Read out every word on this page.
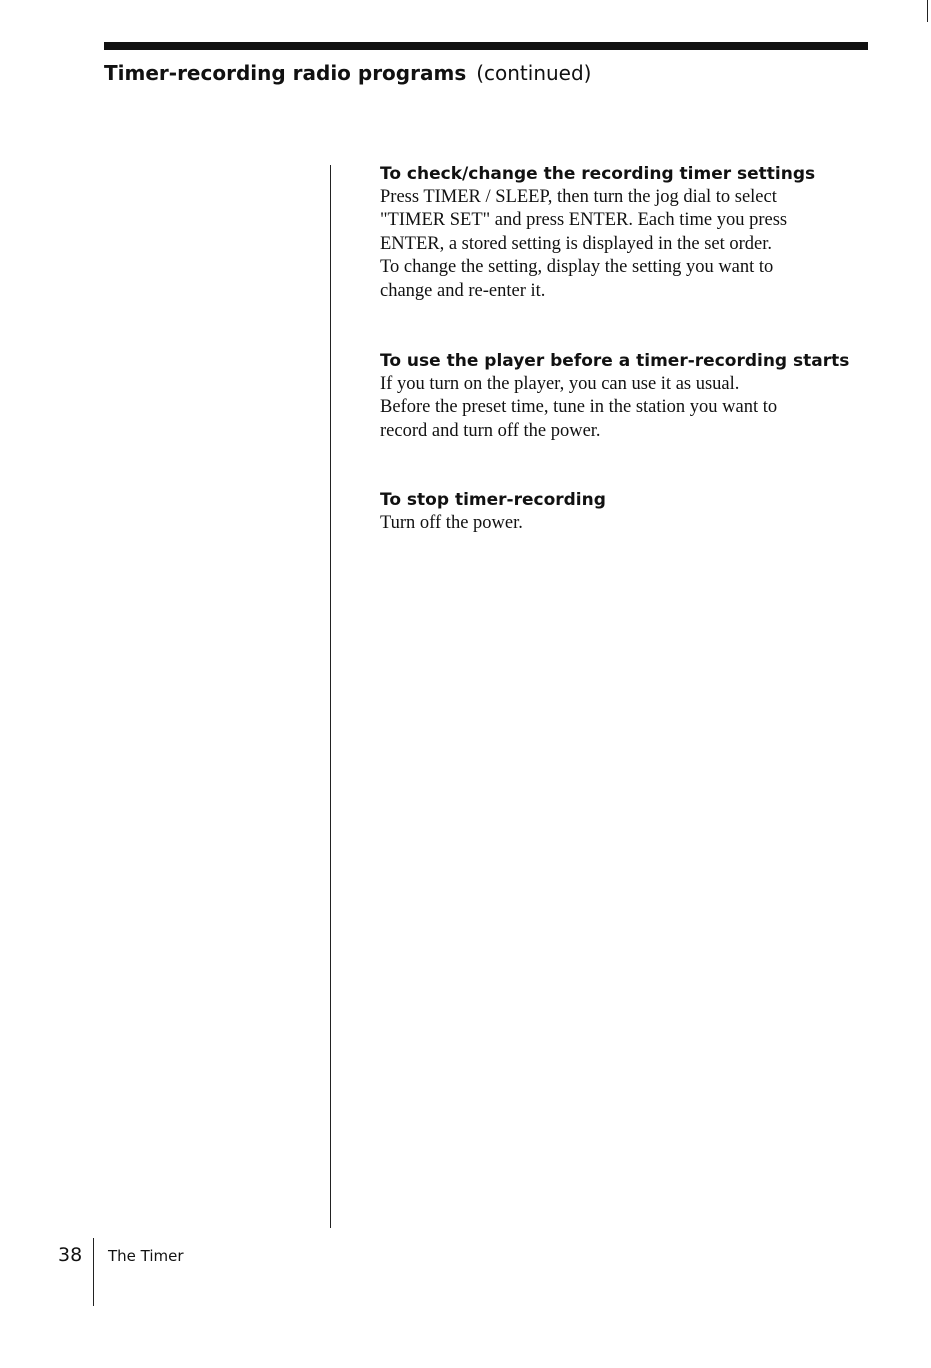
Timer-recording radio programs (continued)
To check/change the recording timer settings

Press TIMER / SLEEP, then turn the jog dial to select
"TIMER SET" and press ENTER. Each time you press
ENTER, a stored setting is displayed in the set order.
To change the setting, display the setting you want to
change and re-enter it.

To use the player before a timer-recording starts

If you turn on the player, you can use it as usual.
Before the preset time, tune in the station you want to
record and turn off the power.

To stop timer-recording

Turn off the power.

38 The Timer
